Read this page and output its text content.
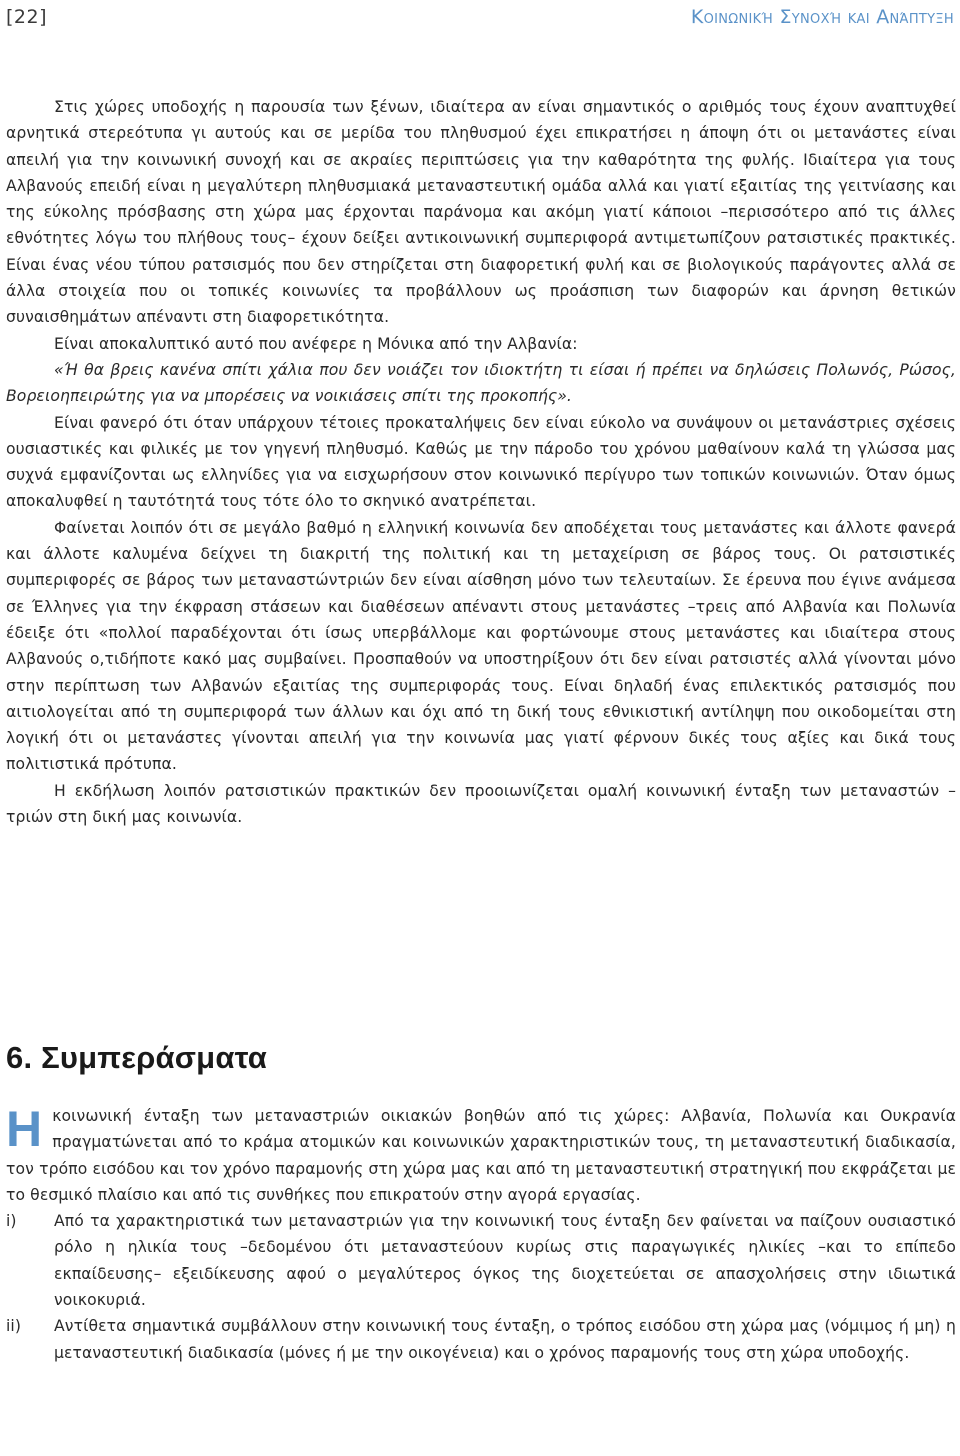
[22]	Κοινωνική Συνοχή και Ανάπτυξη

Στις χώρες υποδοχής η παρουσία των ξένων, ιδιαίτερα αν είναι σημαντικός ο αριθμός τους έχουν αναπτυχθεί αρνητικά στερεότυπα γι αυτούς και σε μερίδα του πληθυσμού έχει επικρατήσει η άποψη ότι οι μετανάστες είναι απειλή για την κοινωνική συνοχή και σε ακραίες περιπτώσεις για την καθαρότητα της φυλής. Ιδιαίτερα για τους Αλβανούς επειδή είναι η μεγαλύτερη πληθυσμιακά μεταναστευτική ομάδα αλλά και γιατί εξαιτίας της γειτνίασης και της εύκολης πρόσβασης στη χώρα μας έρχονται παράνομα και ακόμη γιατί κάποιοι –περισσότερο από τις άλλες εθνότητες λόγω του πλήθους τους– έχουν δείξει αντικοινωνική συμπεριφορά αντιμετωπίζουν ρατσιστικές πρακτικές. Είναι ένας νέου τύπου ρατσισμός που δεν στηρίζεται στη διαφορετική φυλή και σε βιολογικούς παράγοντες αλλά σε άλλα στοιχεία που οι τοπικές κοινωνίες τα προβάλλουν ως προάσπιση των διαφορών και άρνηση θετικών συναισθημάτων απέναντι στη διαφορετικότητα.

Είναι αποκαλυπτικό αυτό που ανέφερε η Μόνικα από την Αλβανία:

«Ή θα βρεις κανένα σπίτι χάλια που δεν νοιάζει τον ιδιοκτήτη τι είσαι ή πρέπει να δηλώσεις Πολωνός, Ρώσος, Βορειοηπειρώτης για να μπορέσεις να νοικιάσεις σπίτι της προκοπής».

Είναι φανερό ότι όταν υπάρχουν τέτοιες προκαταλήψεις δεν είναι εύκολο να συνάψουν οι μετανάστριες σχέσεις ουσιαστικές και φιλικές με τον γηγενή πληθυσμό. Καθώς με την πάροδο του χρόνου μαθαίνουν καλά τη γλώσσα μας συχνά εμφανίζονται ως ελληνίδες για να εισχωρήσουν στον κοινωνικό περίγυρο των τοπικών κοινωνιών. Όταν όμως αποκαλυφθεί η ταυτότητά τους τότε όλο το σκηνικό ανατρέπεται.

Φαίνεται λοιπόν ότι σε μεγάλο βαθμό η ελληνική κοινωνία δεν αποδέχεται τους μετανάστες και άλλοτε φανερά και άλλοτε καλυμένα δείχνει τη διακριτή της πολιτική και τη μεταχείριση σε βάρος τους. Οι ρατσιστικές συμπεριφορές σε βάρος των μεταναστώντριών δεν είναι αίσθηση μόνο των τελευταίων. Σε έρευνα που έγινε ανάμεσα σε Έλληνες για την έκφραση στάσεων και διαθέσεων απέναντι στους μετανάστες –τρεις από Αλβανία και Πολωνία έδειξε ότι «πολλοί παραδέχονται ότι ίσως υπερβάλλομε και φορτώνουμε στους μετανάστες και ιδιαίτερα στους Αλβανούς ο,τιδήποτε κακό μας συμβαίνει. Προσπαθούν να υποστηρίξουν ότι δεν είναι ρατσιστές αλλά γίνονται μόνο στην περίπτωση των Αλβανών εξαιτίας της συμπεριφοράς τους. Είναι δηλαδή ένας επιλεκτικός ρατσισμός που αιτιολογείται από τη συμπεριφορά των άλλων και όχι από τη δική τους εθνικιστική αντίληψη που οικοδομείται στη λογική ότι οι μετανάστες γίνονται απειλή για την κοινωνία μας γιατί φέρνουν δικές τους αξίες και δικά τους πολιτιστικά πρότυπα.

Η εκδήλωση λοιπόν ρατσιστικών πρακτικών δεν προοιωνίζεται ομαλή κοινωνική ένταξη των μεταναστών –τριών στη δική μας κοινωνία.

6. Συμπεράσματα

Ηκοινωνική ένταξη των μεταναστριών οικιακών βοηθών από τις χώρες: Αλβανία, Πολωνία και Ουκρανία πραγματώνεται από το κράμα ατομικών και κοινωνικών χαρακτηριστικών τους, τη μεταναστευτική διαδικασία, τον τρόπο εισόδου και τον χρόνο παραμονής στη χώρα μας και από τη μεταναστευτική στρατηγική που εκφράζεται με το θεσμικό πλαίσιο και από τις συνθήκες που επικρατούν στην αγορά εργασίας.

i)	Από τα χαρακτηριστικά των μεταναστριών για την κοινωνική τους ένταξη δεν φαίνεται να παίζουν ουσιαστικό ρόλο η ηλικία τους –δεδομένου ότι μεταναστεύουν κυρίως στις παραγωγικές ηλικίες –και το επίπεδο εκπαίδευσης– εξειδίκευσης αφού ο μεγαλύτερος όγκος της διοχετεύεται σε απασχολήσεις στην ιδιωτικά νοικοκυριά.
ii)	Αντίθετα σημαντικά συμβάλλουν στην κοινωνική τους ένταξη, ο τρόπος εισόδου στη χώρα μας (νόμιμος ή μη) η μεταναστευτική διαδικασία (μόνες ή με την οικογένεια) και ο χρόνος παραμονής τους στη χώρα υποδοχής.
